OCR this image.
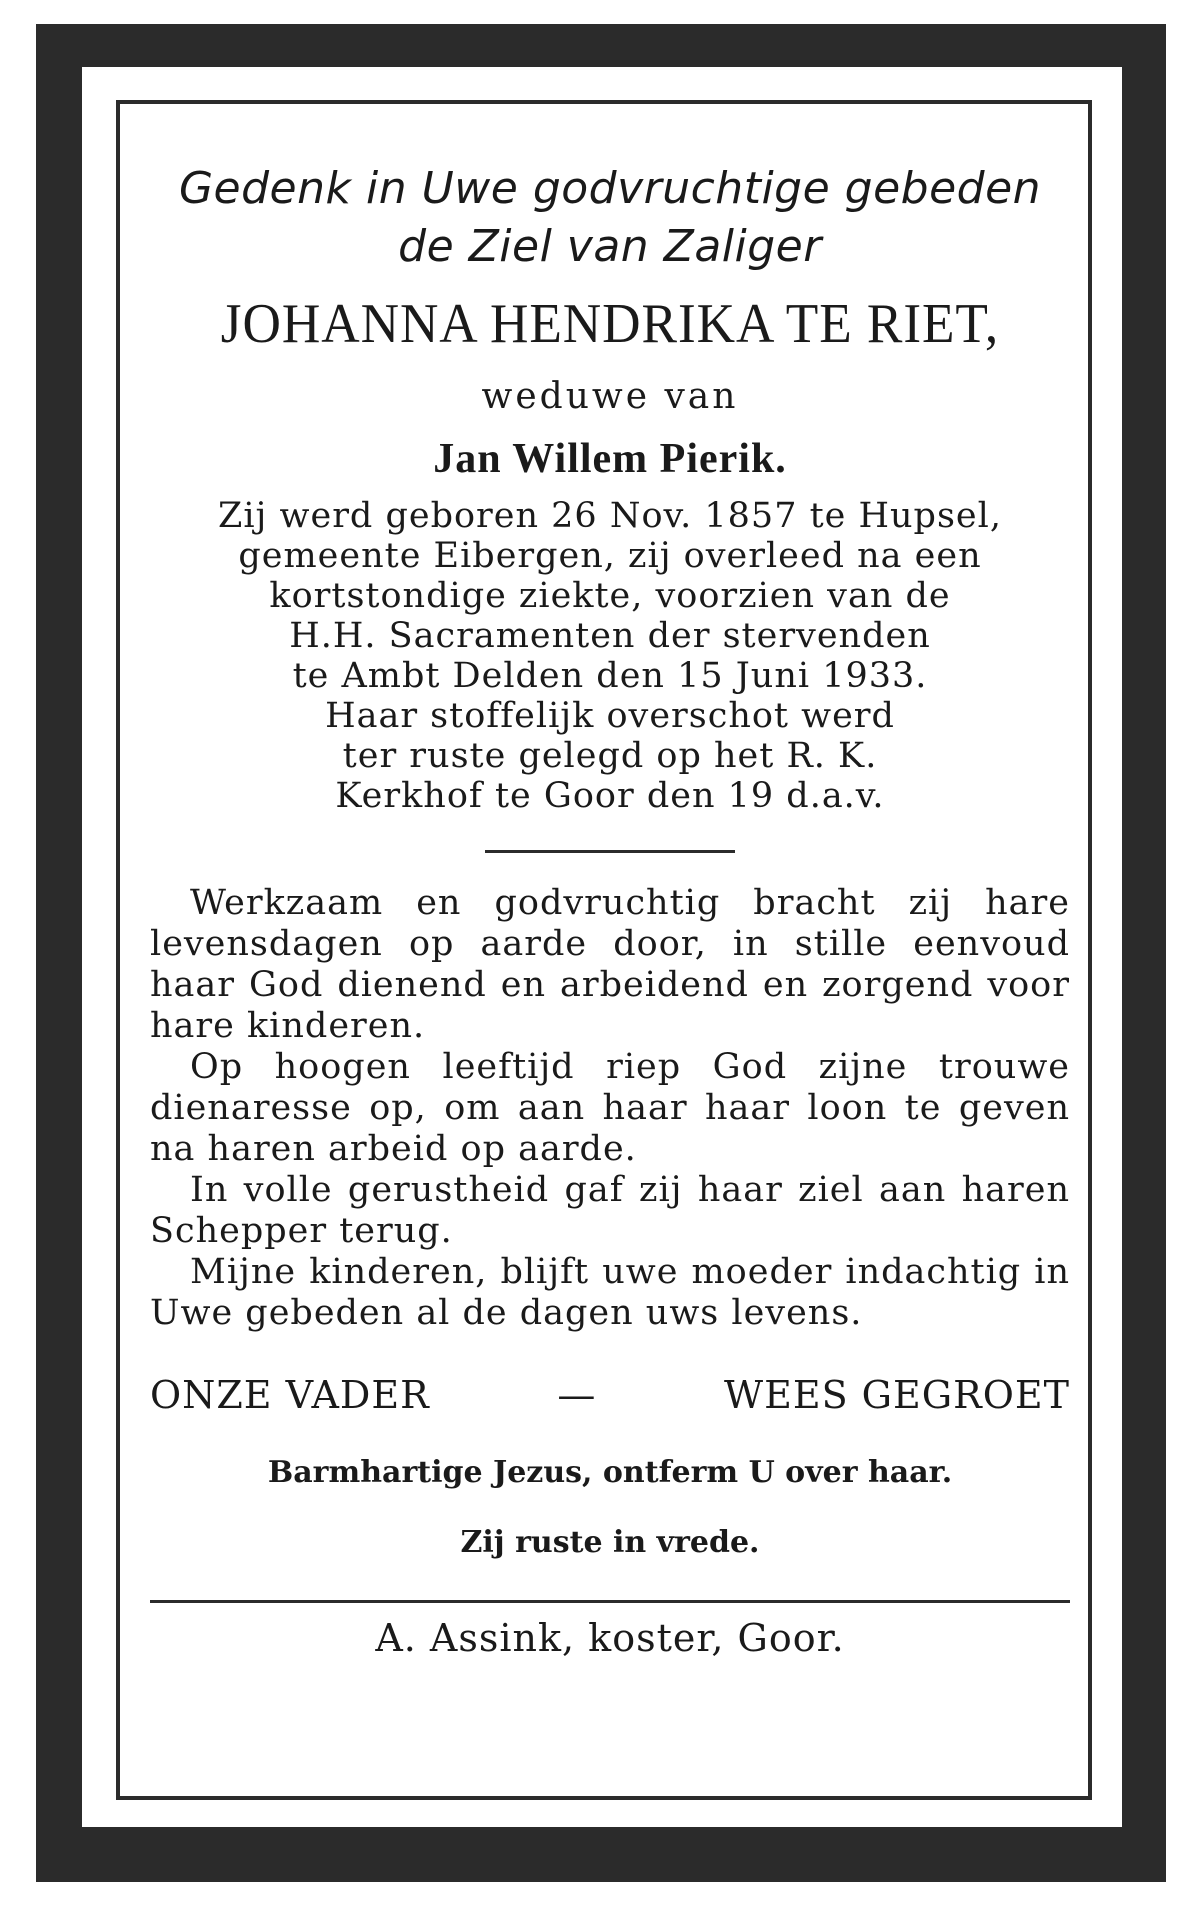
Gedenk in Uwe godvruchtige gebeden
de Ziel van Zaliger
JOHANNA HENDRIKA TE RIET,
weduwe van
Jan Willem Pierik.
Zij werd geboren 26 Nov. 1857 te Hupsel,
gemeente Eibergen, zij overleed na een
kortstondige ziekte, voorzien van de
H.H. Sacramenten der stervenden
te Ambt Delden den 15 Juni 1933.
Haar stoffelijk overschot werd
ter ruste gelegd op het R. K.
Kerkhof te Goor den 19 d.a.v.

Werkzaam en godvruchtig bracht zij hare levensdagen op aarde door, in stille eenvoud haar God dienend en arbeidend en zorgend voor hare kinderen.

Op hoogen leeftijd riep God zijne trouwe dienaresse op, om aan haar haar loon te geven na haren arbeid op aarde.

In volle gerustheid gaf zij haar ziel aan haren Schepper terug.

Mijne kinderen, blijft uwe moeder indachtig in Uwe gebeden al de dagen uws levens.

ONZE VADER	—	WEES GEGROET
Barmhartige Jezus, ontferm U over haar.
Zij ruste in vrede.
A. Assink, koster, Goor.
